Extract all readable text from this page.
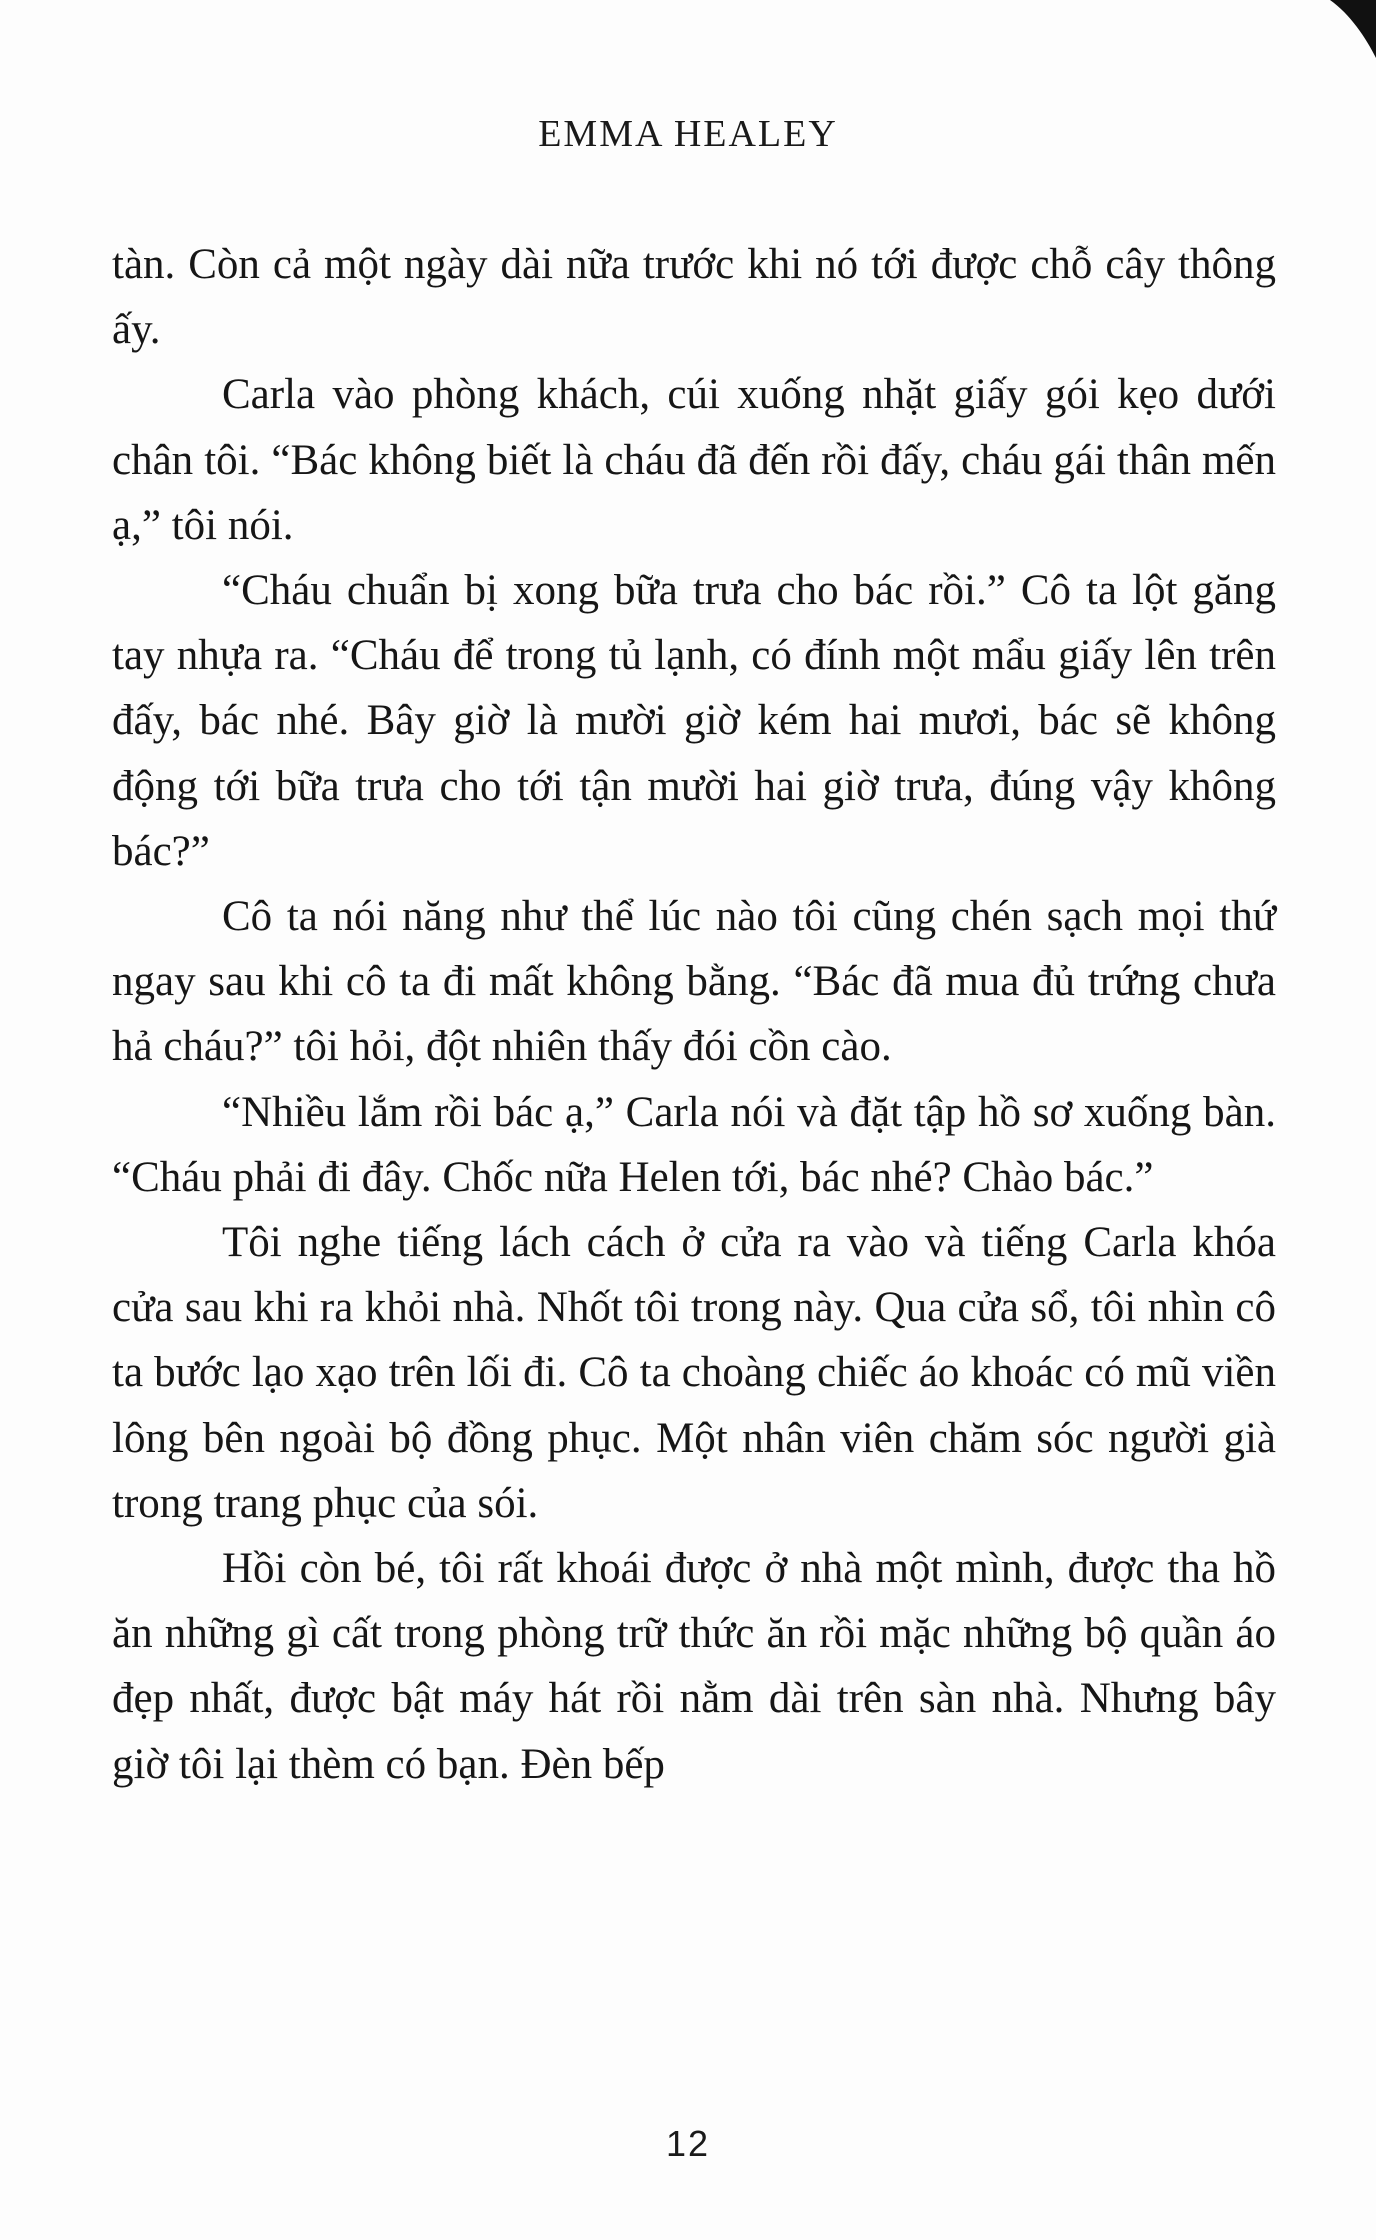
EMMA HEALEY

tàn. Còn cả một ngày dài nữa trước khi nó tới được chỗ cây thông ấy.

Carla vào phòng khách, cúi xuống nhặt giấy gói kẹo dưới chân tôi. “Bác không biết là cháu đã đến rồi đấy, cháu gái thân mến ạ,” tôi nói.

“Cháu chuẩn bị xong bữa trưa cho bác rồi.” Cô ta lột găng tay nhựa ra. “Cháu để trong tủ lạnh, có đính một mẩu giấy lên trên đấy, bác nhé. Bây giờ là mười giờ kém hai mươi, bác sẽ không động tới bữa trưa cho tới tận mười hai giờ trưa, đúng vậy không bác?”

Cô ta nói năng như thể lúc nào tôi cũng chén sạch mọi thứ ngay sau khi cô ta đi mất không bằng. “Bác đã mua đủ trứng chưa hả cháu?” tôi hỏi, đột nhiên thấy đói cồn cào.

“Nhiều lắm rồi bác ạ,” Carla nói và đặt tập hồ sơ xuống bàn. “Cháu phải đi đây. Chốc nữa Helen tới, bác nhé? Chào bác.”

Tôi nghe tiếng lách cách ở cửa ra vào và tiếng Carla khóa cửa sau khi ra khỏi nhà. Nhốt tôi trong này. Qua cửa sổ, tôi nhìn cô ta bước lạo xạo trên lối đi. Cô ta choàng chiếc áo khoác có mũ viền lông bên ngoài bộ đồng phục. Một nhân viên chăm sóc người già trong trang phục của sói.

Hồi còn bé, tôi rất khoái được ở nhà một mình, được tha hồ ăn những gì cất trong phòng trữ thức ăn rồi mặc những bộ quần áo đẹp nhất, được bật máy hát rồi nằm dài trên sàn nhà. Nhưng bây giờ tôi lại thèm có bạn. Đèn bếp

12
